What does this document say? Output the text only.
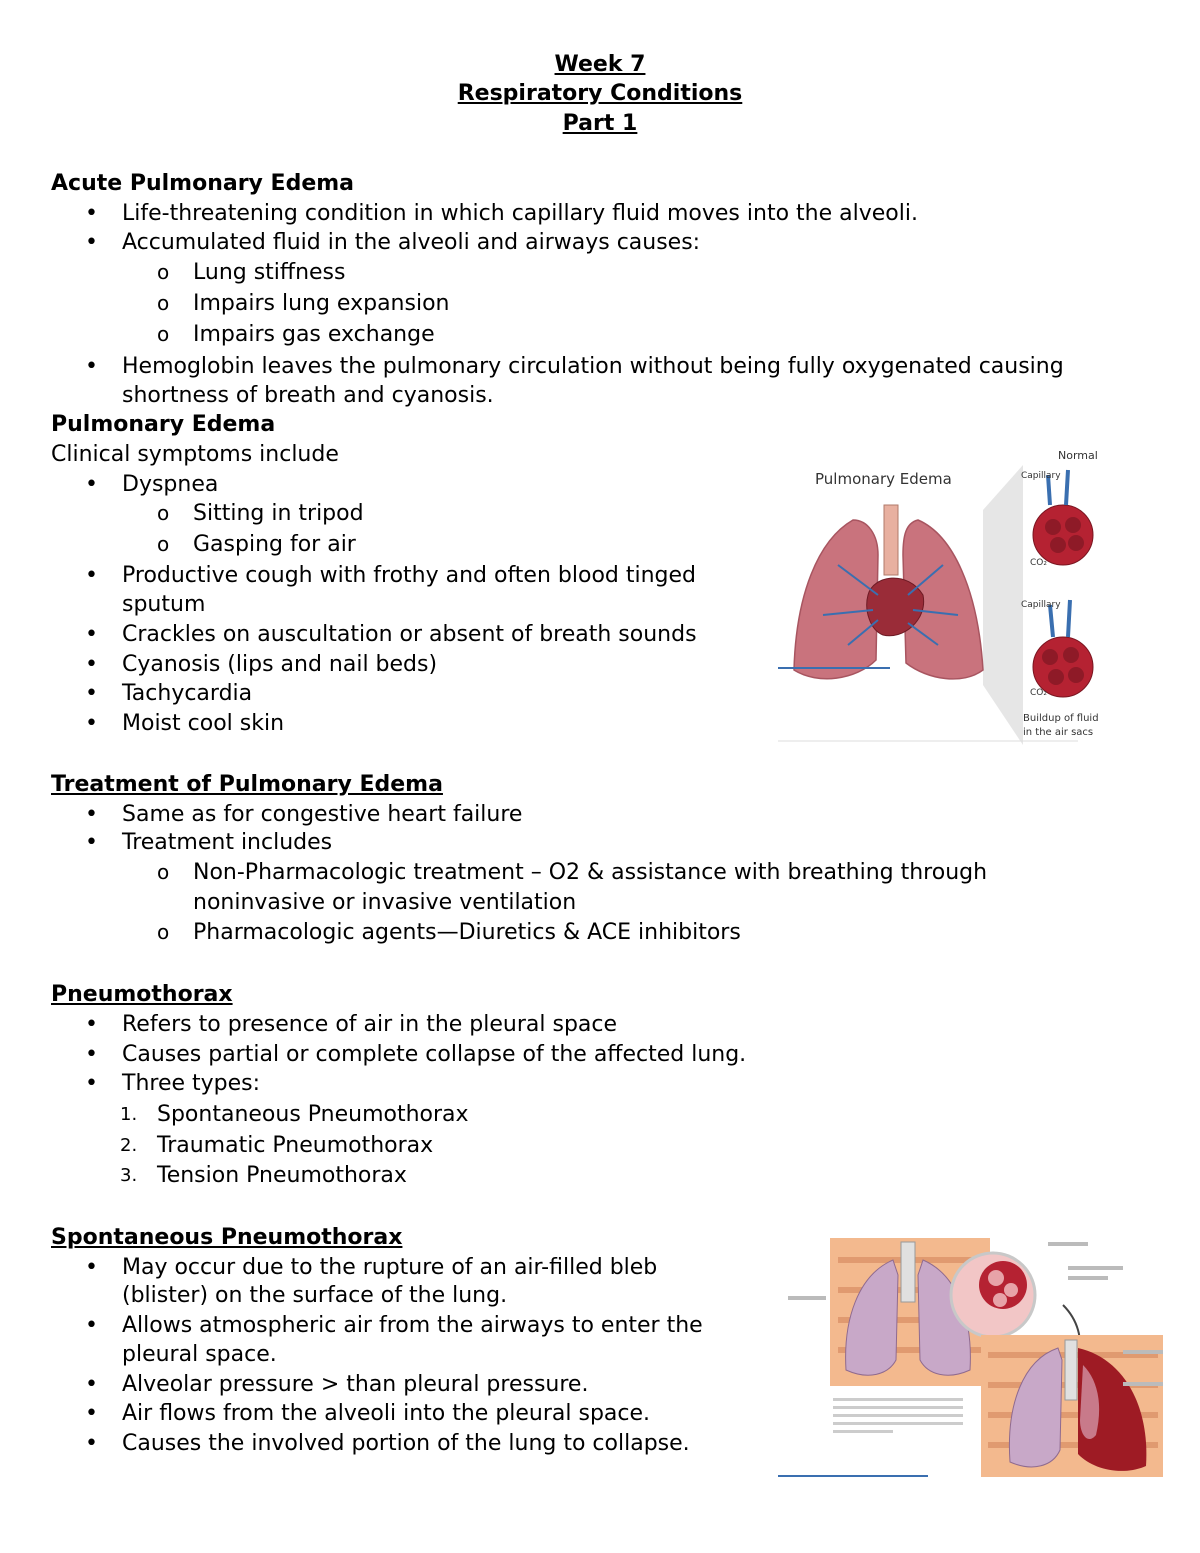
Week 7
Respiratory Conditions
Part 1
Acute Pulmonary Edema
•	Life-threatening condition in which capillary fluid moves into the alveoli.
•	Accumulated fluid in the alveoli and airways causes:
o Lung stiffness
o Impairs lung expansion
o Impairs gas exchange
•	Hemoglobin leaves the pulmonary circulation without being fully oxygenated causing shortness of breath and cyanosis.
Pulmonary Edema
Clinical symptoms include
•	Dyspnea
o Sitting in tripod
o Gasping for air
•	Productive cough with frothy and often blood tinged
sputum
•	Crackles on auscultation or absent of breath sounds
•	Cyanosis (lips and nail beds)
•	Tachycardia
•	Moist cool skin
Pulmonary Edema
Normal
Capillary
Capillary
CO₂
CO₂
Buildup of fluid
in the air sacs
Treatment of Pulmonary Edema
•	Same as for congestive heart failure
•	Treatment includes
o Non-Pharmacologic treatment – O2 & assistance with breathing through
noninvasive or invasive ventilation
o Pharmacologic agents—Diuretics & ACE inhibitors
Pneumothorax
•	Refers to presence of air in the pleural space
•	Causes partial or complete collapse of the affected lung.
•	Three types:
1. Spontaneous Pneumothorax
2. Traumatic Pneumothorax
3. Tension Pneumothorax
Spontaneous Pneumothorax
•	May occur due to the rupture of an air-filled bleb
(blister) on the surface of the lung.
•	Allows atmospheric air from the airways to enter the
pleural space.
•	Alveolar pressure > than pleural pressure.
•	Air flows from the alveoli into the pleural space.
•	Causes the involved portion of the lung to collapse.
